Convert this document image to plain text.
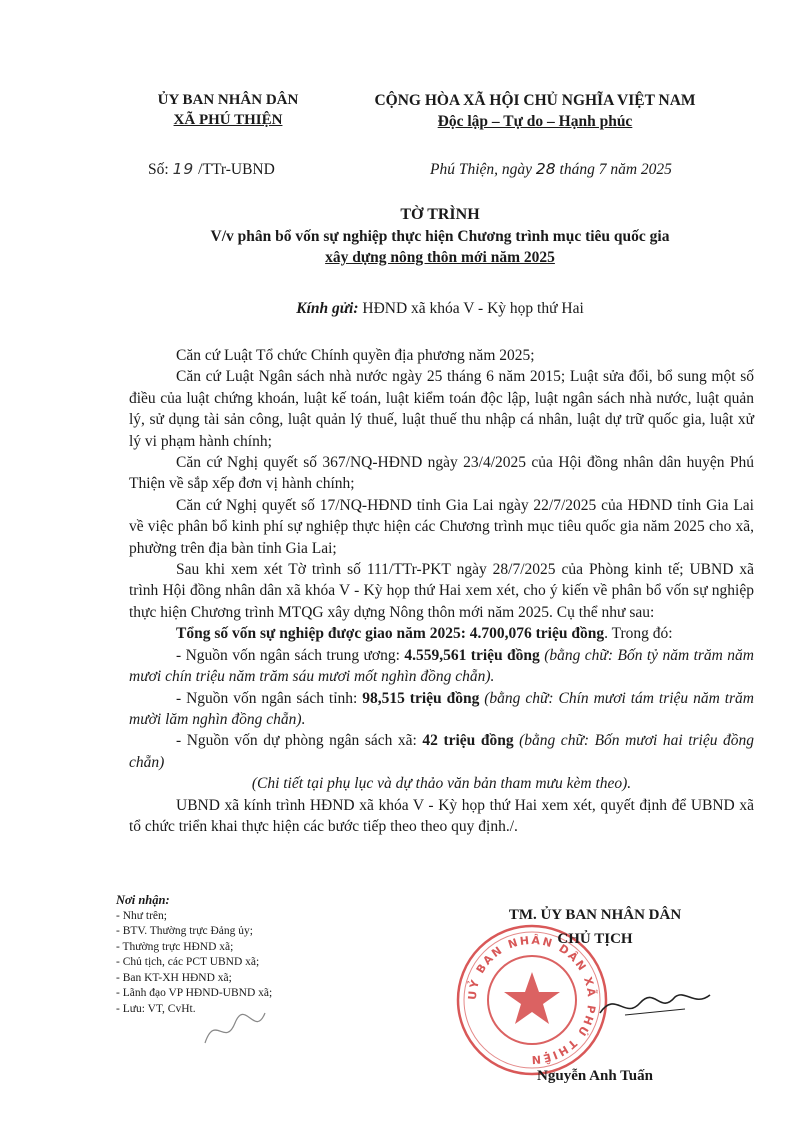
ỦY BAN NHÂN DÂN
XÃ PHÚ THIỆN
CỘNG HÒA XÃ HỘI CHỦ NGHĨA VIỆT NAM
Độc lập – Tự do – Hạnh phúc
Số: 19 /TTr-UBND	Phú Thiện, ngày 28 tháng 7 năm 2025
TỜ TRÌNH
V/v phân bổ vốn sự nghiệp thực hiện Chương trình mục tiêu quốc gia
xây dựng nông thôn mới năm 2025
Kính gửi: HĐND xã khóa V - Kỳ họp thứ Hai

Căn cứ Luật Tổ chức Chính quyền địa phương năm 2025;

Căn cứ Luật Ngân sách nhà nước ngày 25 tháng 6 năm 2015; Luật sửa đổi, bổ sung một số điều của luật chứng khoán, luật kế toán, luật kiểm toán độc lập, luật ngân sách nhà nước, luật quản lý, sử dụng tài sản công, luật quản lý thuế, luật thuế thu nhập cá nhân, luật dự trữ quốc gia, luật xử lý vi phạm hành chính;

Căn cứ Nghị quyết số 367/NQ-HĐND ngày 23/4/2025 của Hội đồng nhân dân huyện Phú Thiện về sắp xếp đơn vị hành chính;

Căn cứ Nghị quyết số 17/NQ-HĐND tỉnh Gia Lai ngày 22/7/2025 của HĐND tỉnh Gia Lai về việc phân bổ kinh phí sự nghiệp thực hiện các Chương trình mục tiêu quốc gia năm 2025 cho xã, phường trên địa bàn tỉnh Gia Lai;

Sau khi xem xét Tờ trình số 111/TTr-PKT ngày 28/7/2025 của Phòng kinh tế; UBND xã trình Hội đồng nhân dân xã khóa V - Kỳ họp thứ Hai xem xét, cho ý kiến về phân bổ vốn sự nghiệp thực hiện Chương trình MTQG xây dựng Nông thôn mới năm 2025. Cụ thể như sau:

Tổng số vốn sự nghiệp được giao năm 2025: 4.700,076 triệu đồng. Trong đó:

- Nguồn vốn ngân sách trung ương: 4.559,561 triệu đồng (bằng chữ: Bốn tỷ năm trăm năm mươi chín triệu năm trăm sáu mươi mốt nghìn đồng chẵn).

- Nguồn vốn ngân sách tỉnh: 98,515 triệu đồng (bằng chữ: Chín mươi tám triệu năm trăm mười lăm nghìn đồng chẵn).

- Nguồn vốn dự phòng ngân sách xã: 42 triệu đồng (bằng chữ: Bốn mươi hai triệu đồng chẵn)

(Chi tiết tại phụ lục và dự thảo văn bản tham mưu kèm theo).

UBND xã kính trình HĐND xã khóa V - Kỳ họp thứ Hai xem xét, quyết định để UBND xã tổ chức triển khai thực hiện các bước tiếp theo theo quy định./.

Nơi nhận:
- Như trên;
- BTV. Thường trực Đảng ủy;
- Thường trực HĐND xã;
- Chủ tịch, các PCT UBND xã;
- Ban KT-XH HĐND xã;
- Lãnh đạo VP HĐND-UBND xã;
- Lưu: VT, CvHt.
UỶ BAN NHÂN DÂN XÃ PHÚ THIỆN
TM. ỦY BAN NHÂN DÂN
CHỦ TỊCH
Nguyễn Anh Tuấn
